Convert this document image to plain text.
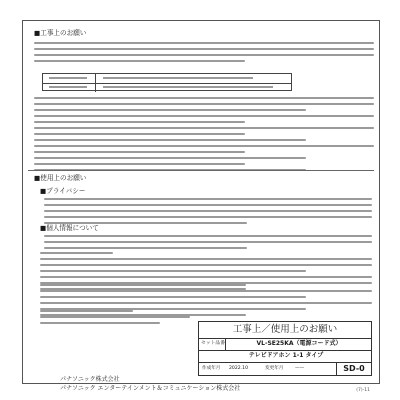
■工事上のお願い
■使用上のお願い
■プライバシー
■個人情報について
工事上／使用上のお願い
セット品番	VL-SE25KA（電源コード式）
テレビドアホン 1-1 タイプ
作成年月 2022.10	変更年月	——	SD-0
パナソニック株式会社
パナソニック エンターテインメント＆コミュニケーション株式会社	(7)-11
